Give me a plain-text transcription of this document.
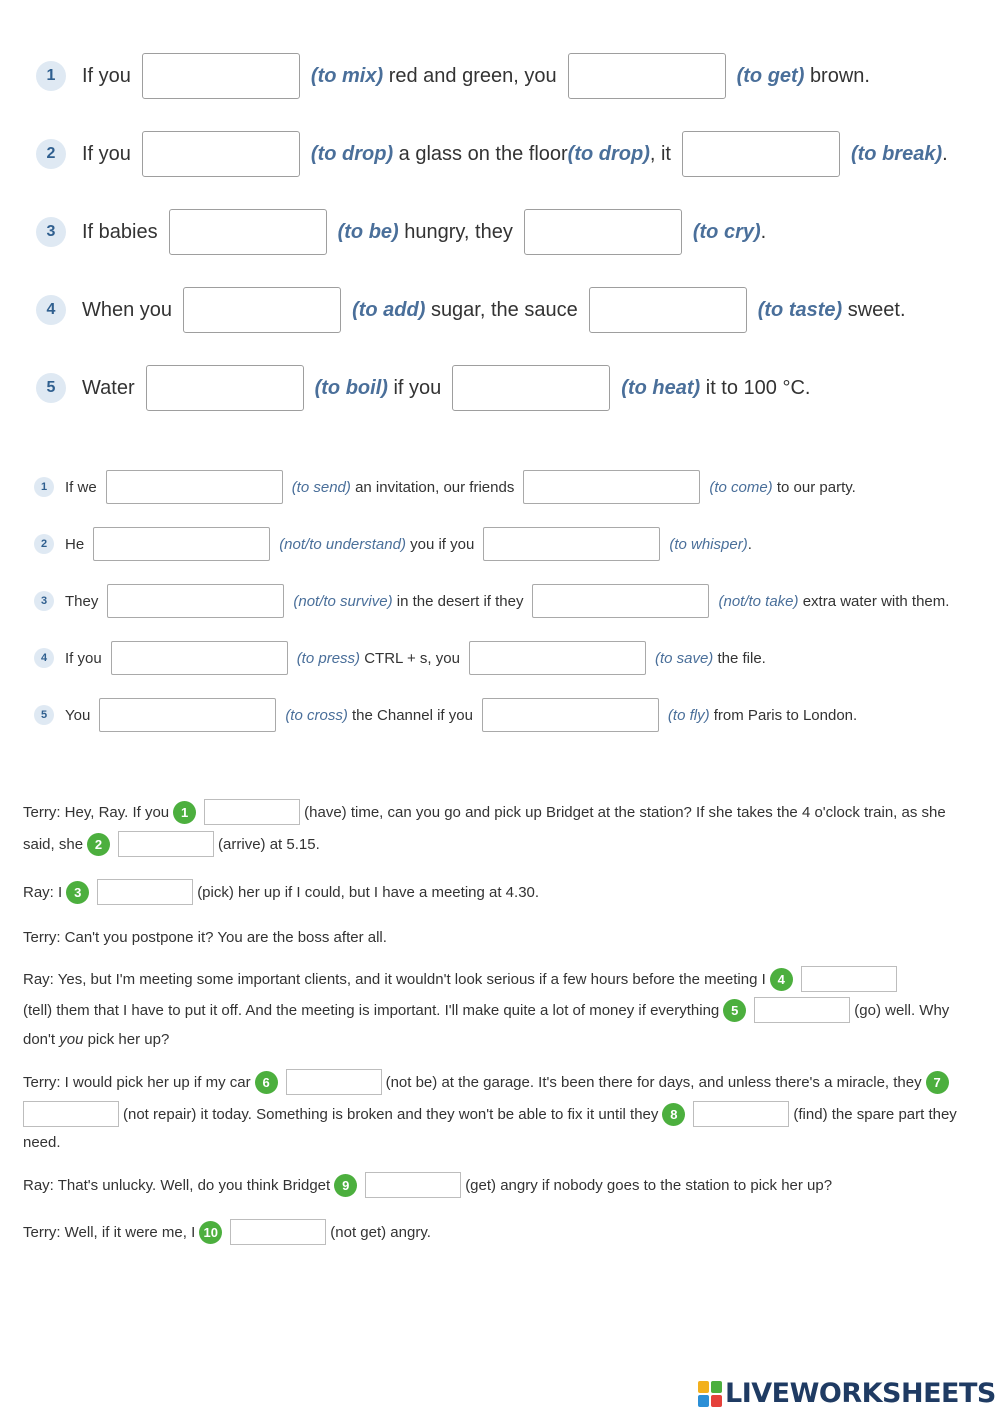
1	If you	(to mix)
red and green, you	(to get)
brown.
2	If you	(to drop)
a glass on the floor (to drop) , it	(to break) .
3	If babies	(to be)
hungry, they	(to cry) .
4	When you	(to add)
sugar, the sauce	(to taste)
sweet.
5	Water	(to boil)
if you	(to heat)
it to 100 °C.
1	If we	(to send)
an invitation, our friends	(to come)
to our party.
2	He	(not/to understand)
you if you	(to whisper) .
3	They	(not/to survive)
in the desert if they	(not/to take)
extra water with them.
4	If you	(to press)
CTRL + s, you	(to save)
the file.
5	You	(to cross)
the Channel if you	(to fly)
from Paris to London.
Terry: Hey, Ray. If you 1	(have) time, can you go and pick up Bridget at the station? If she takes the 4 o'clock train, as she
said, she 2	(arrive) at 5.15.
Ray: I 3	(pick) her up if I could, but I have a meeting at 4.30.
Terry: Can't you postpone it? You are the boss after all.
Ray: Yes, but I'm meeting some important clients, and it wouldn't look serious if a few hours before the meeting I 4
(tell) them that I have to put it off. And the meeting is important. I'll make quite a lot of money if everything 5	(go) well. Why
don't
you
pick her up?
Terry: I would pick her up if my car 6	(not be) at the garage. It's been there for days, and unless there's a miracle, they 7
(not repair) it today. Something is broken and they won't be able to fix it until they 8	(find) the spare part they
need.
Ray: That's unlucky. Well, do you think Bridget 9	(get) angry if nobody goes to the station to pick her up?
Terry: Well, if it were me, I 10	(not get) angry.
LIVEWORKSHEETS
